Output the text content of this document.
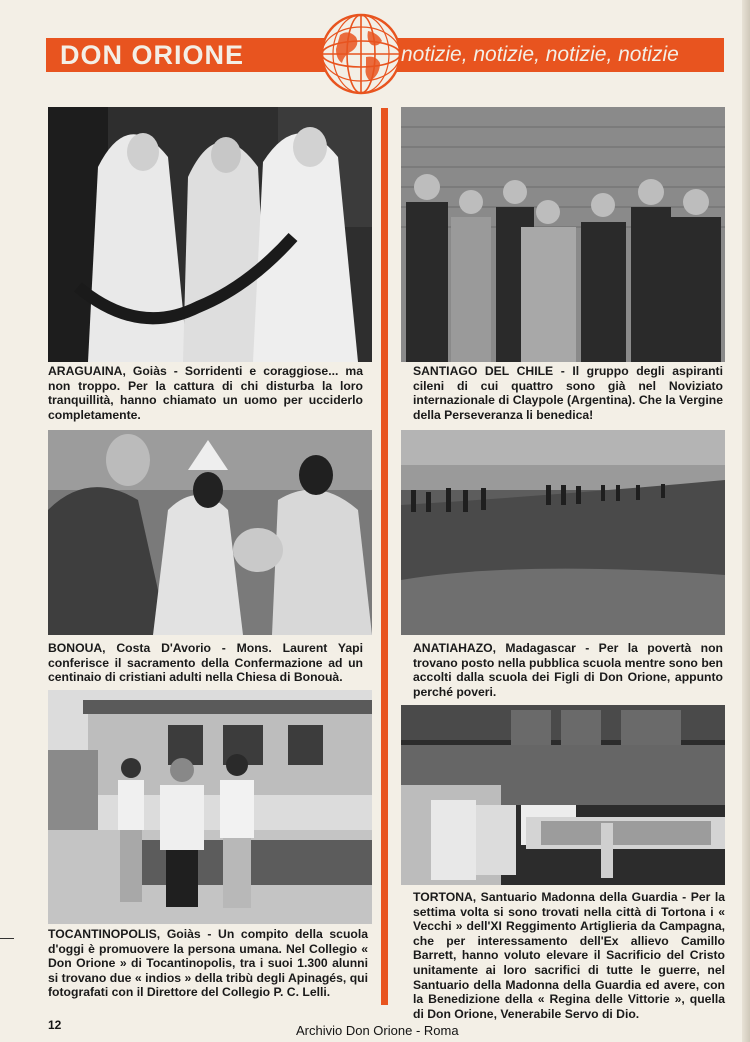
DON ORIONE	notizie, notizie, notizie, notizie
ARAGUAINA, Goiàs - Sorridenti e coraggiose... ma non troppo. Per la cattura di chi disturba la loro tranquillità, hanno chiamato un uomo per ucciderlo completamente.
SANTIAGO DEL CHILE - Il gruppo degli aspiranti cileni di cui quattro sono già nel Noviziato internazionale di Claypole (Argentina). Che la Vergine della Perseveranza li benedica!
BONOUA, Costa D'Avorio - Mons. Laurent Yapi conferisce il sacramento della Confermazione ad un centinaio di cristiani adulti nella Chiesa di Bonouà.
ANATIAHAZO, Madagascar - Per la povertà non trovano posto nella pubblica scuola mentre sono ben accolti dalla scuola dei Figli di Don Orione, appunto perché poveri.
TOCANTINOPOLIS, Goiàs - Un compito della scuola d'oggi è promuovere la persona umana. Nel Collegio « Don Orione » di Tocantinopolis, tra i suoi 1.300 alunni si trovano due « indios » della tribù degli Apinagés, qui fotografati con il Direttore del Collegio P. C. Lelli.
TORTONA, Santuario Madonna della Guardia - Per la settima volta si sono trovati nella città di Tortona i « Vecchi » dell'XI Reggimento Artiglieria da Campagna, che per interessamento dell'Ex allievo Camillo Barrett, hanno voluto elevare il Sacrificio del Cristo unitamente ai loro sacrifici di tutte le guerre, nel Santuario della Madonna della Guardia ed avere, con la Benedizione della « Regina delle Vittorie », quella di Don Orione, Venerabile Servo di Dio.
12	Archivio Don Orione - Roma
